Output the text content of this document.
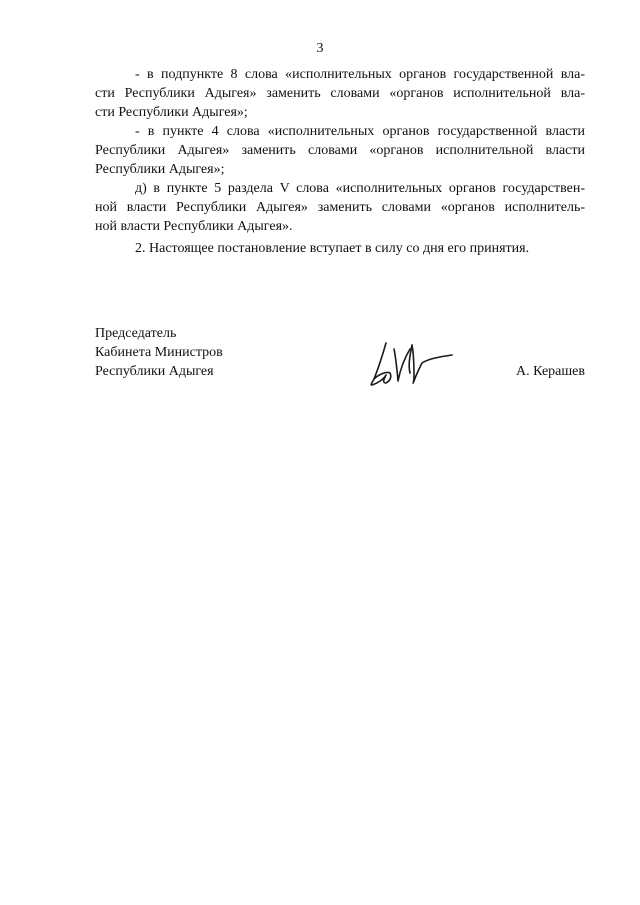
3

- в подпункте 8 слова «исполнительных органов государственной вла-
сти Республики Адыгея» заменить словами «органов исполнительной вла-
сти Республики Адыгея»;

- в пункте 4 слова «исполнительных органов государственной власти
Республики Адыгея» заменить словами «органов исполнительной власти
Республики Адыгея»;

д) в пункте 5 раздела V слова «исполнительных органов государствен-
ной власти Республики Адыгея» заменить словами «органов исполнитель-
ной власти Республики Адыгея».

2. Настоящее постановление вступает в силу со дня его принятия.
Председатель
Кабинета Министров
Республики Адыгея	А. Керашев
